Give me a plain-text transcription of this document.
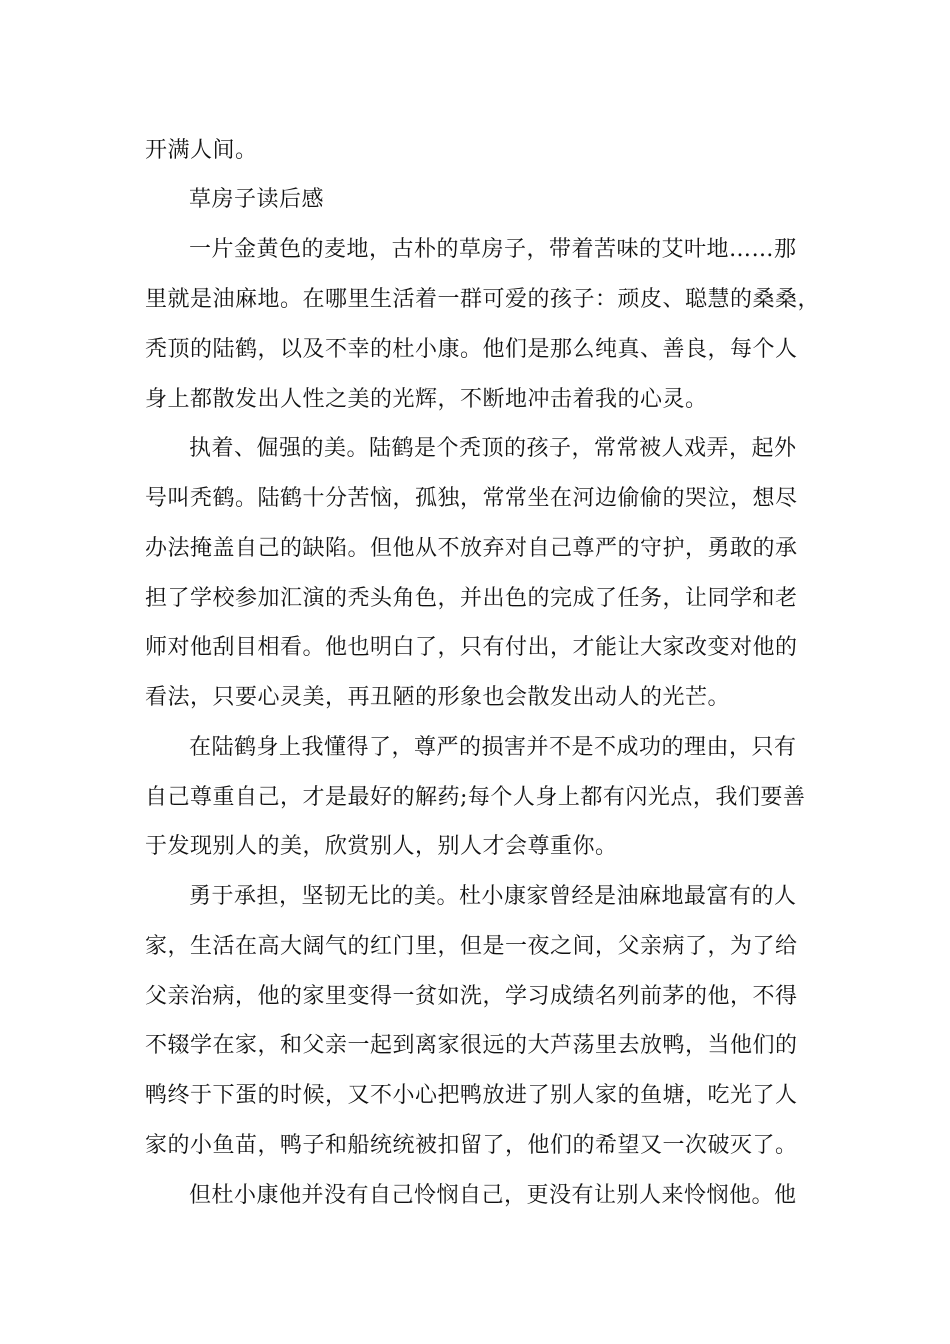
开满人间。
草房子读后感
一片金黄色的麦地，古朴的草房子，带着苦味的艾叶地……那
里就是油麻地。在哪里生活着一群可爱的孩子：顽皮、聪慧的桑桑，
秃顶的陆鹤，以及不幸的杜小康。他们是那么纯真、善良，每个人
身上都散发出人性之美的光辉，不断地冲击着我的心灵。
执着、倔强的美。陆鹤是个秃顶的孩子，常常被人戏弄，起外
号叫秃鹤。陆鹤十分苦恼，孤独，常常坐在河边偷偷的哭泣，想尽
办法掩盖自己的缺陷。但他从不放弃对自己尊严的守护，勇敢的承
担了学校参加汇演的秃头角色，并出色的完成了任务，让同学和老
师对他刮目相看。他也明白了，只有付出，才能让大家改变对他的
看法，只要心灵美，再丑陋的形象也会散发出动人的光芒。
在陆鹤身上我懂得了，尊严的损害并不是不成功的理由，只有
自己尊重自己，才是最好的解药;每个人身上都有闪光点，我们要善
于发现别人的美，欣赏别人，别人才会尊重你。
勇于承担，坚韧无比的美。杜小康家曾经是油麻地最富有的人
家，生活在高大阔气的红门里，但是一夜之间，父亲病了，为了给
父亲治病，他的家里变得一贫如洗，学习成绩名列前茅的他，不得
不辍学在家，和父亲一起到离家很远的大芦荡里去放鸭，当他们的
鸭终于下蛋的时候，又不小心把鸭放进了别人家的鱼塘，吃光了人
家的小鱼苗，鸭子和船统统被扣留了，他们的希望又一次破灭了。
但杜小康他并没有自己怜悯自己，更没有让别人来怜悯他。他
